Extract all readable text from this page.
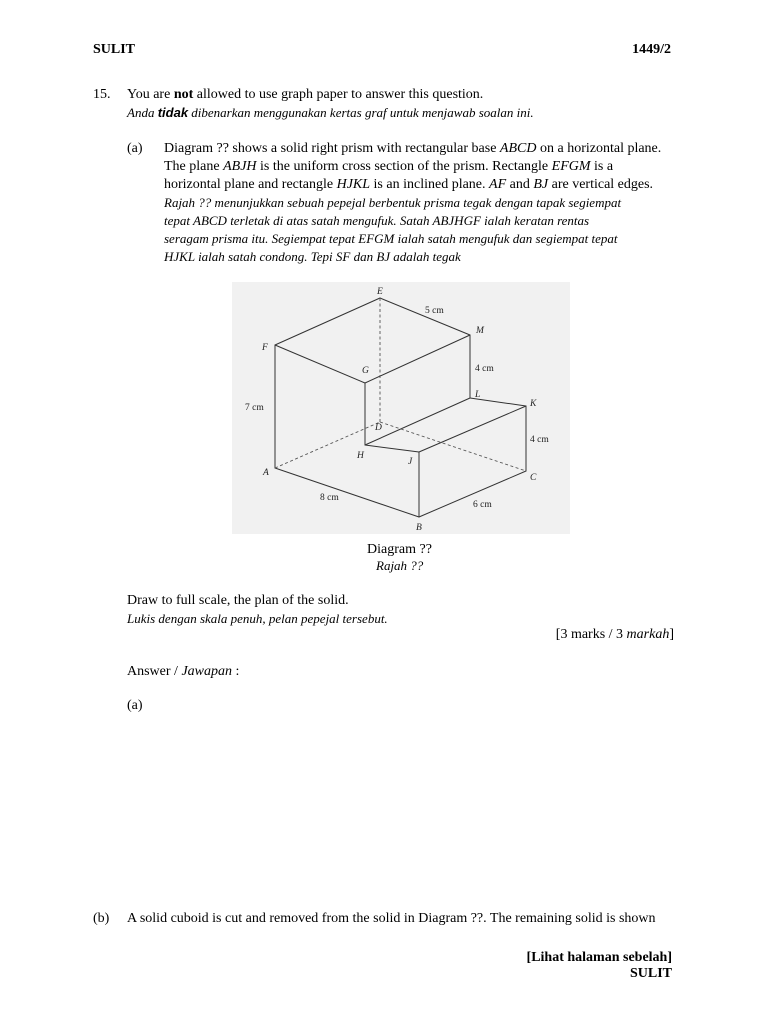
SULIT	1449/2
15. You are not allowed to use graph paper to answer this question.
Anda tidak dibenarkan menggunakan kertas graf untuk menjawab soalan ini.
(a) Diagram ?? shows a solid right prism with rectangular base ABCD on a horizontal plane.
The plane ABJH is the uniform cross section of the prism. Rectangle EFGM is a
horizontal plane and rectangle HJKL is an inclined plane. AF and BJ are vertical edges.
Rajah ?? menunjukkan sebuah pepejal berbentuk prisma tegak dengan tapak segiempat
tepat ABCD terletak di atas satah mengufuk. Satah ABJHGF ialah keratan rentas
seragam prisma itu. Segiempat tepat EFGM ialah satah mengufuk dan segiempat tepat
HJKL ialah satah condong. Tepi SF dan BJ adalah tegak
E
F
G
M
L
K
D
H
J
A
B
C
5 cm
4 cm
4 cm
7 cm
8 cm
6 cm
Diagram ??
Rajah ??
Draw to full scale, the plan of the solid.
Lukis dengan skala penuh, pelan pepejal tersebut.
[3 marks / 3 markah]
Answer / Jawapan :
(a)
(b) A solid cuboid is cut and removed from the solid in Diagram ??. The remaining solid is shown
[Lihat halaman sebelah]
SULIT
